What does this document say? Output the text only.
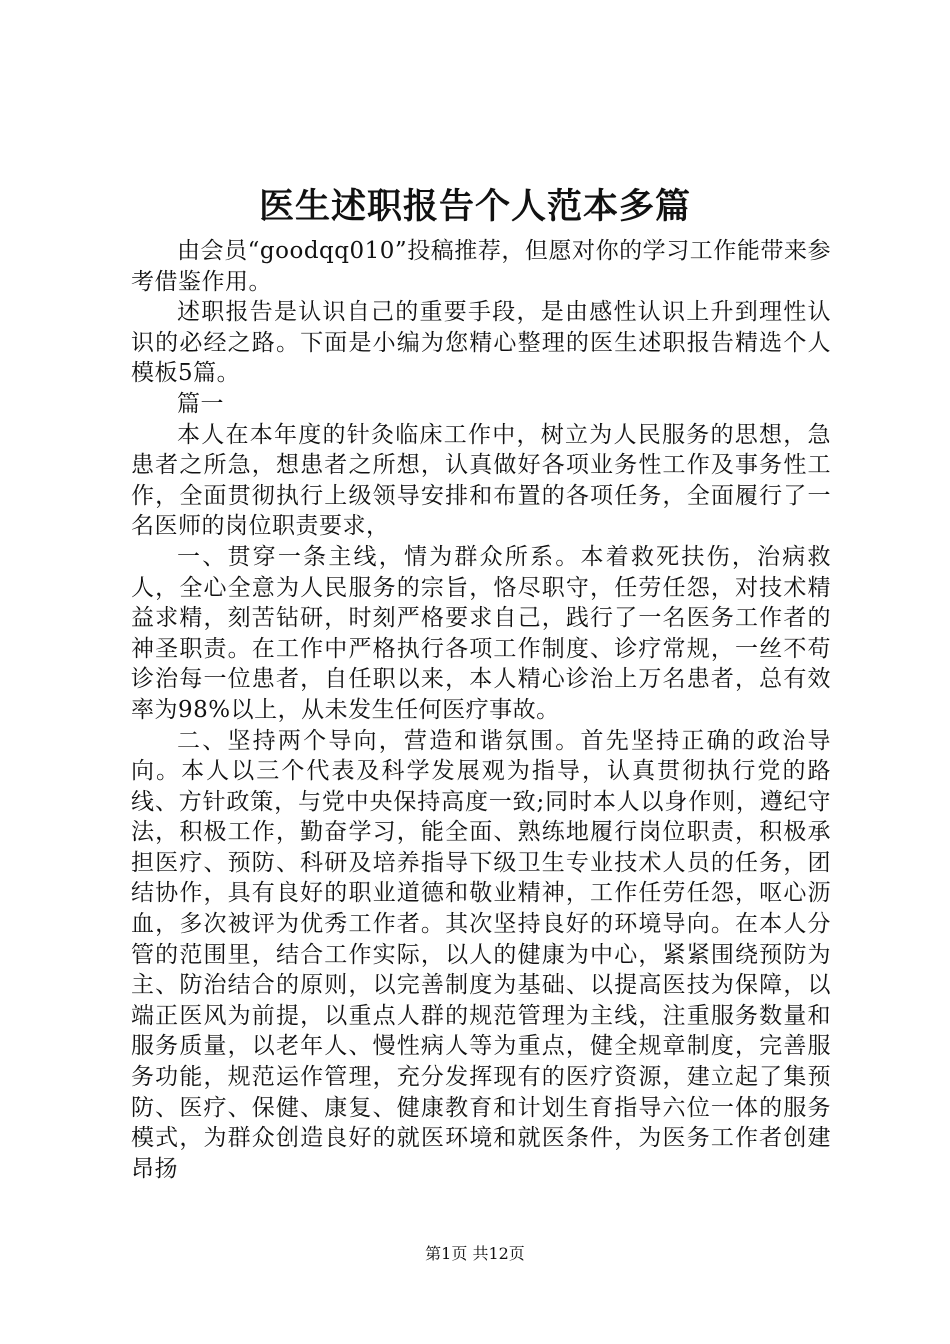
医生述职报告个人范本多篇

由会员“goodqq010”投稿推荐，但愿对你的学习工作能带来参考借鉴作用。

述职报告是认识自己的重要手段，是由感性认识上升到理性认识的必经之路。下面是小编为您精心整理的医生述职报告精选个人模板5篇。

篇一

本人在本年度的针灸临床工作中，树立为人民服务的思想，急患者之所急，想患者之所想，认真做好各项业务性工作及事务性工作，全面贯彻执行上级领导安排和布置的各项任务，全面履行了一名医师的岗位职责要求，

一、贯穿一条主线，情为群众所系。本着救死扶伤，治病救人，全心全意为人民服务的宗旨，恪尽职守，任劳任怨，对技术精益求精，刻苦钻研，时刻严格要求自己，践行了一名医务工作者的神圣职责。在工作中严格执行各项工作制度、诊疗常规，一丝不苟诊治每一位患者，自任职以来，本人精心诊治上万名患者，总有效率为98%以上，从未发生任何医疗事故。

二、坚持两个导向，营造和谐氛围。首先坚持正确的政治导向。本人以三个代表及科学发展观为指导，认真贯彻执行党的路线、方针政策，与党中央保持高度一致;同时本人以身作则，遵纪守法，积极工作，勤奋学习，能全面、熟练地履行岗位职责，积极承担医疗、预防、科研及培养指导下级卫生专业技术人员的任务，团结协作，具有良好的职业道德和敬业精神，工作任劳任怨，呕心沥血，多次被评为优秀工作者。其次坚持良好的环境导向。在本人分管的范围里，结合工作实际，以人的健康为中心，紧紧围绕预防为主、防治结合的原则，以完善制度为基础、以提高医技为保障，以端正医风为前提，以重点人群的规范管理为主线，注重服务数量和服务质量，以老年人、慢性病人等为重点，健全规章制度，完善服务功能，规范运作管理，充分发挥现有的医疗资源，建立起了集预防、医疗、保健、康复、健康教育和计划生育指导六位一体的服务模式，为群众创造良好的就医环境和就医条件，为医务工作者创建昂扬

第1页 共12页
